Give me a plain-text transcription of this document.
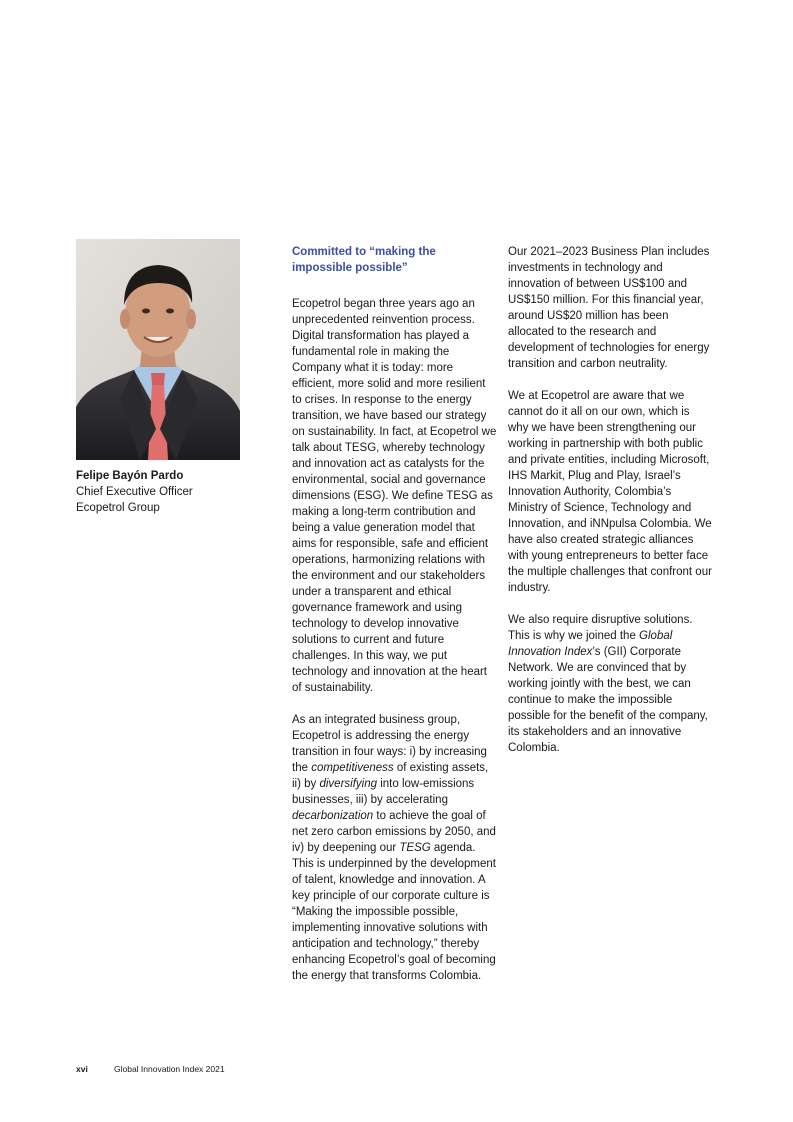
Felipe Bayón Pardo
Chief Executive Officer
Ecopetrol Group
Committed to “making the impossible possible”

Ecopetrol began three years ago an unprecedented reinvention process. Digital transformation has played a fundamental role in making the Company what it is today: more efficient, more solid and more resilient to crises. In response to the energy transition, we have based our strategy on sustainability. In fact, at Ecopetrol we talk about TESG, whereby technology and innovation act as catalysts for the environmental, social and governance dimensions (ESG). We define TESG as making a long-term contribution and being a value generation model that aims for responsible, safe and efficient operations, harmonizing relations with the environment and our stakeholders under a transparent and ethical governance framework and using technology to develop innovative solutions to current and future challenges. In this way, we put technology and innovation at the heart of sustainability.

As an integrated business group, Ecopetrol is addressing the energy transition in four ways: i) by increasing the competitiveness of existing assets, ii) by diversifying into low-emissions businesses, iii) by accelerating decarbonization to achieve the goal of net zero carbon emissions by 2050, and iv) by deepening our TESG agenda. This is underpinned by the development of talent, knowledge and innovation. A key principle of our corporate culture is “Making the impossible possible, implementing innovative solutions with anticipation and technology,” thereby enhancing Ecopetrol’s goal of becoming the energy that transforms Colombia.

Our 2021–2023 Business Plan includes investments in technology and innovation of between US$100 and US$150 million. For this financial year, around US$20 million has been allocated to the research and development of technologies for energy transition and carbon neutrality.

We at Ecopetrol are aware that we cannot do it all on our own, which is why we have been strengthening our working in partnership with both public and private entities, including Microsoft, IHS Markit, Plug and Play, Israel’s Innovation Authority, Colombia’s Ministry of Science, Technology and Innovation, and iNNpulsa Colombia. We have also created strategic alliances with young entrepreneurs to better face the multiple challenges that confront our industry.

We also require disruptive solutions. This is why we joined the Global Innovation Index’s (GII) Corporate Network. We are convinced that by working jointly with the best, we can continue to make the impossible possible for the benefit of the company, its stakeholders and an innovative Colombia.

xvi	Global Innovation Index 2021
